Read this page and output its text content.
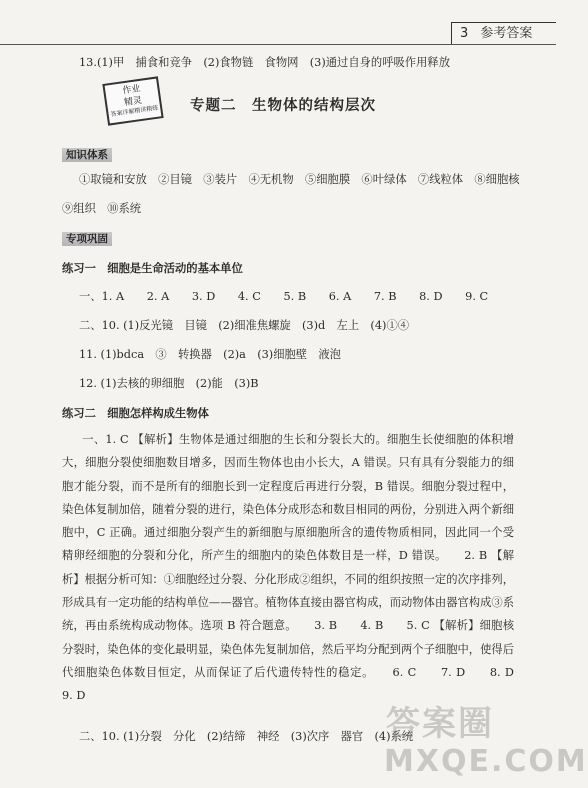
3 参考答案
13.(1)甲　捕食和竞争　(2)食物链　食物网　(3)通过自身的呼吸作用释放
作业
精灵
答案详解精讲精练 专题二　生物体的结构层次
知识体系
①取镜和安放　②目镜　③装片　④无机物　⑤细胞膜　⑥叶绿体　⑦线粒体　⑧细胞核
⑨组织　⑩系统
专项巩固
练习一　细胞是生命活动的基本单位
一、1. A　　2. A　　3. D　　4. C　　5. B　　6. A　　7. B　　8. D　　9. C
二、10. (1)反光镜　目镜　(2)细准焦螺旋　(3)d　左上　(4)①④
11. (1)bdca　③　转换器　(2)a　(3)细胞壁　液泡
12. (1)去核的卵细胞　(2)能　(3)B
练习二　细胞怎样构成生物体
一、1. C 【解析】生物体是通过细胞的生长和分裂长大的。细胞生长使细胞的体积增大，细胞分裂使细胞数目增多，因而生物体也由小长大，A 错误。只有具有分裂能力的细胞才能分裂，而不是所有的细胞长到一定程度后再进行分裂，B 错误。细胞分裂过程中，染色体复制加倍，随着分裂的进行，染色体分成形态和数目相同的两份，分别进入两个新细胞中，C 正确。通过细胞分裂产生的新细胞与原细胞所含的遗传物质相同，因此同一个受精卵经细胞的分裂和分化，所产生的细胞内的染色体数目是一样，D 错误。　　2. B 【解析】根据分析可知：①细胞经过分裂、分化形成②组织，不同的组织按照一定的次序排列，形成具有一定功能的结构单位——器官。植物体直接由器官构成，而动物体由器官构成③系统，再由系统构成动物体。选项 B 符合题意。　　3. B　　4. B　　5. C 【解析】细胞核分裂时，染色体的变化最明显，染色体先复制加倍，然后平均分配到两个子细胞中，使得后代细胞染色体数目恒定，从而保证了后代遗传特性的稳定。　　6. C　　7. D　　8. D　　9. D
二、10. (1)分裂　分化　(2)结缔　神经　(3)次序　器官　(4)系统
答案圈
MXQE.COM
